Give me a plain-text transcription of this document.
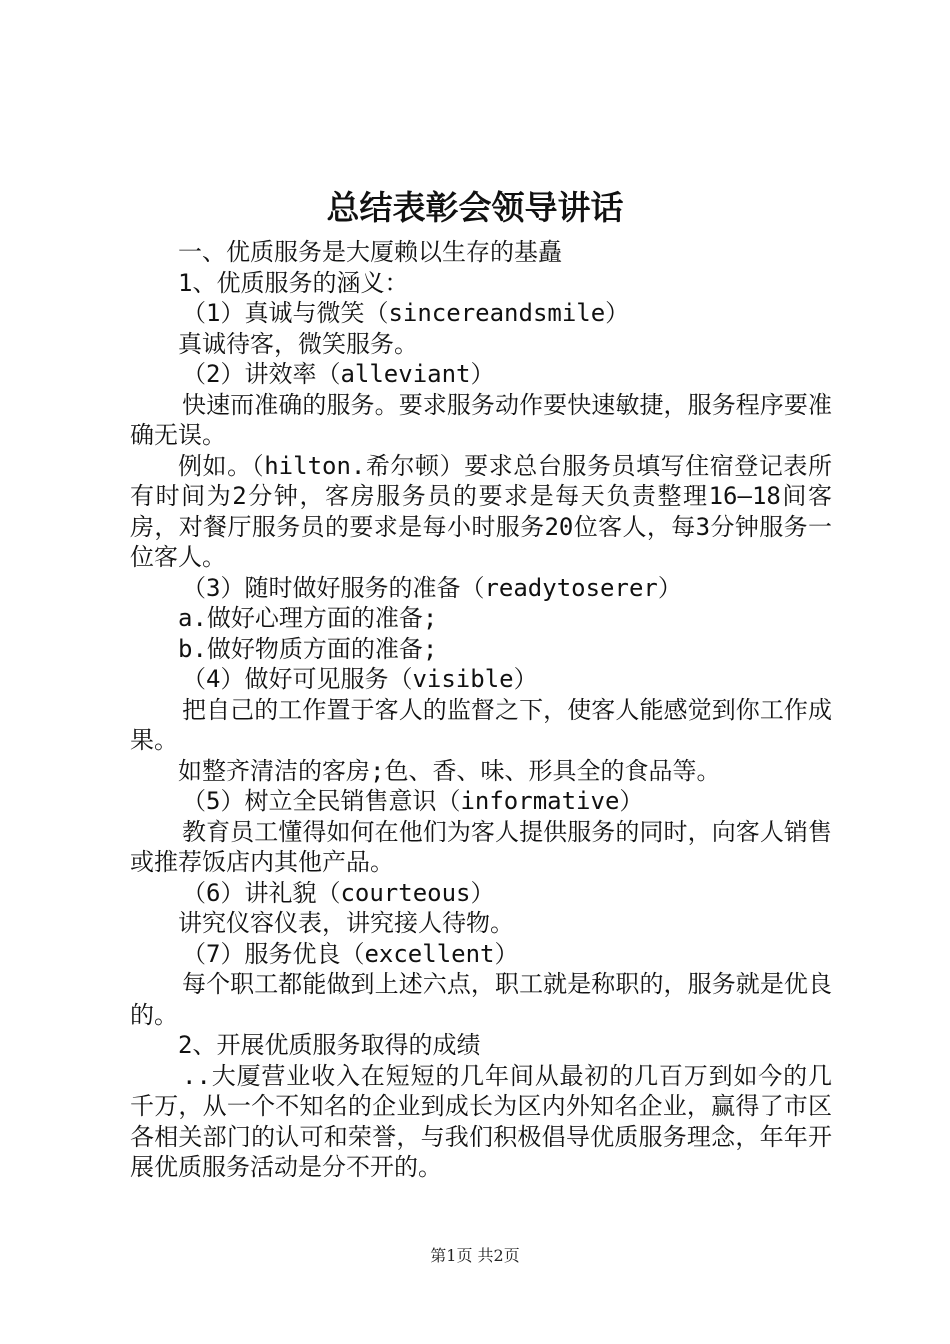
总结表彰会领导讲话

一、优质服务是大厦赖以生存的基矗

1、优质服务的涵义：

（1）真诚与微笑（sincereandsmile）

真诚待客，微笑服务。

（2）讲效率（alleviant）

快速而准确的服务。要求服务动作要快速敏捷，服务程序要准确无误。

例如。（hilton.希尔顿）要求总台服务员填写住宿登记表所有时间为2分钟，客房服务员的要求是每天负责整理16—18间客房，对餐厅服务员的要求是每小时服务20位客人，每3分钟服务一位客人。

（3）随时做好服务的准备（readytoserer）

a.做好心理方面的准备;

b.做好物质方面的准备;

（4）做好可见服务（visible）

把自己的工作置于客人的监督之下，使客人能感觉到你工作成果。

如整齐清洁的客房;色、香、味、形具全的食品等。

（5）树立全民销售意识（informative）

教育员工懂得如何在他们为客人提供服务的同时，向客人销售或推荐饭店内其他产品。

（6）讲礼貌（courteous）

讲究仪容仪表，讲究接人待物。

（7）服务优良（excellent）

每个职工都能做到上述六点，职工就是称职的，服务就是优良的。

2、开展优质服务取得的成绩

..大厦营业收入在短短的几年间从最初的几百万到如今的几千万，从一个不知名的企业到成长为区内外知名企业，赢得了市区各相关部门的认可和荣誉，与我们积极倡导优质服务理念，年年开展优质服务活动是分不开的。

第1页 共2页
